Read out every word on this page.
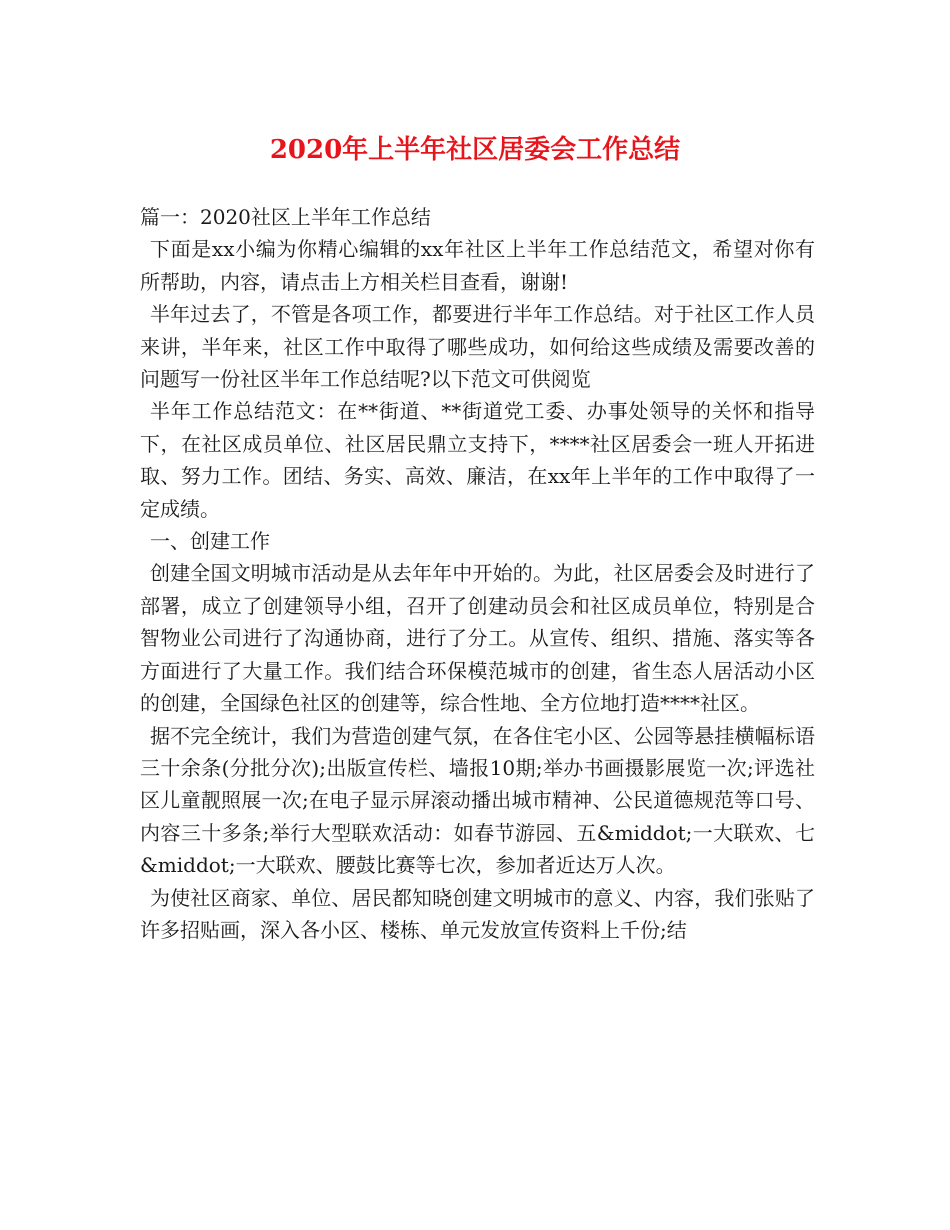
2020年上半年社区居委会工作总结

篇一：2020社区上半年工作总结

下面是xx小编为你精心编辑的xx年社区上半年工作总结范文，希望对你有所帮助，内容，请点击上方相关栏目查看，谢谢!

半年过去了，不管是各项工作，都要进行半年工作总结。对于社区工作人员来讲，半年来，社区工作中取得了哪些成功，如何给这些成绩及需要改善的问题写一份社区半年工作总结呢?以下范文可供阅览

半年工作总结范文：在**街道、**街道党工委、办事处领导的关怀和指导下，在社区成员单位、社区居民鼎立支持下，****社区居委会一班人开拓进取、努力工作。团结、务实、高效、廉洁，在xx年上半年的工作中取得了一定成绩。

一、创建工作

创建全国文明城市活动是从去年年中开始的。为此，社区居委会及时进行了部署，成立了创建领导小组，召开了创建动员会和社区成员单位，特别是合智物业公司进行了沟通协商，进行了分工。从宣传、组织、措施、落实等各方面进行了大量工作。我们结合环保模范城市的创建，省生态人居活动小区的创建，全国绿色社区的创建等，综合性地、全方位地打造****社区。

据不完全统计，我们为营造创建气氛，在各住宅小区、公园等悬挂横幅标语三十余条(分批分次);出版宣传栏、墙报10期;举办书画摄影展览一次;评选社区儿童靓照展一次;在电子显示屏滚动播出城市精神、公民道德规范等口号、内容三十多条;举行大型联欢活动：如春节游园、五&middot;一大联欢、七&middot;一大联欢、腰鼓比赛等七次，参加者近达万人次。

为使社区商家、单位、居民都知晓创建文明城市的意义、内容，我们张贴了许多招贴画，深入各小区、楼栋、单元发放宣传资料上千份;结
